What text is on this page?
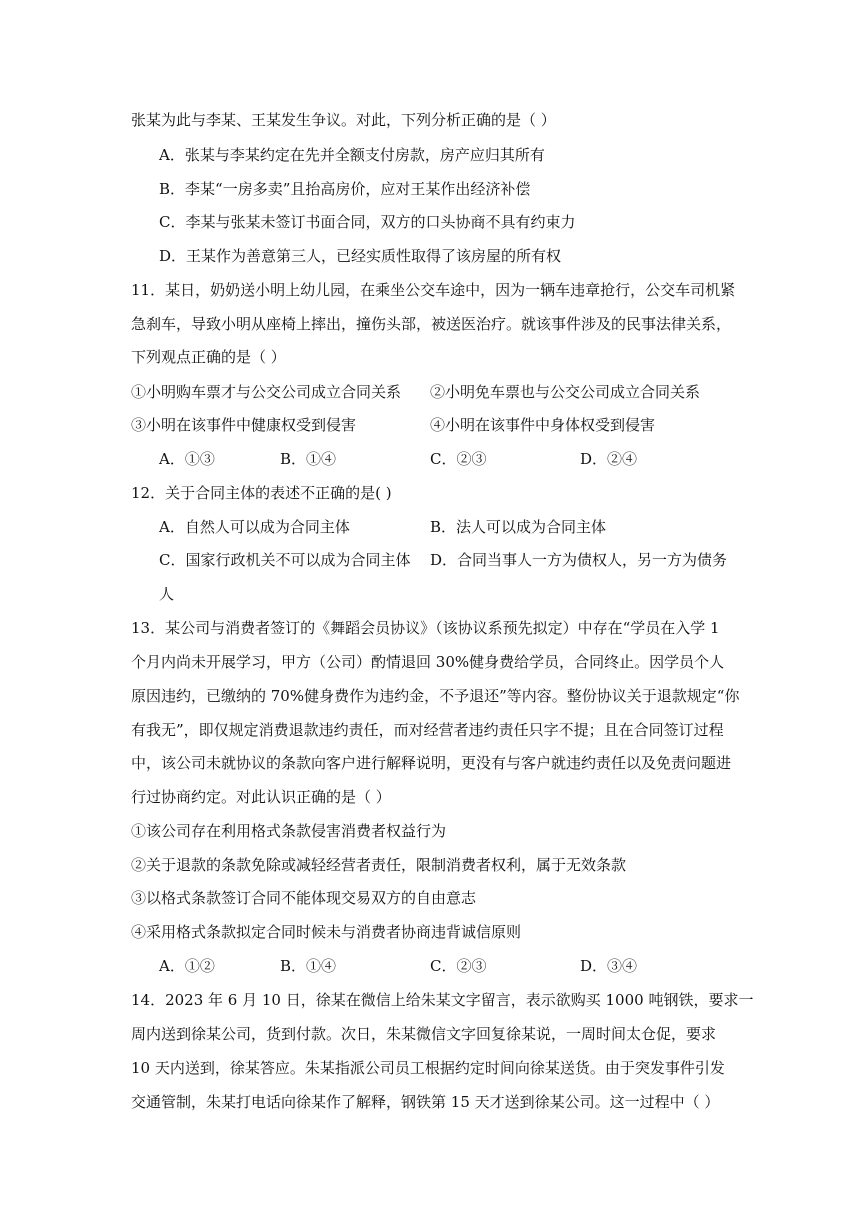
张某为此与李某、王某发生争议。对此，下列分析正确的是（ ）
A．张某与李某约定在先并全额支付房款，房产应归其所有
B．李某“一房多卖”且抬高房价，应对王某作出经济补偿
C．李某与张某未签订书面合同，双方的口头协商不具有约束力
D．王某作为善意第三人，已经实质性取得了该房屋的所有权
11．某日，奶奶送小明上幼儿园，在乘坐公交车途中，因为一辆车违章抢行，公交车司机紧
急刹车，导致小明从座椅上摔出，撞伤头部，被送医治疗。就该事件涉及的民事法律关系，
下列观点正确的是（ ）
①小明购车票才与公交公司成立合同关系 ②小明免车票也与公交公司成立合同关系
③小明在该事件中健康权受到侵害	④小明在该事件中身体权受到侵害
A．①③	B．①④	C．②③	D．②④
12．关于合同主体的表述不正确的是( )
A．自然人可以成为合同主体	B．法人可以成为合同主体
C．国家行政机关不可以成为合同主体 D．合同当事人一方为债权人，另一方为债务
人
13．某公司与消费者签订的《舞蹈会员协议》（该协议系预先拟定）中存在“学员在入学 1
个月内尚未开展学习，甲方（公司）酌情退回 30%健身费给学员，合同终止。因学员个人
原因违约，已缴纳的 70%健身费作为违约金，不予退还”等内容。整份协议关于退款规定“你
有我无”，即仅规定消费退款违约责任，而对经营者违约责任只字不提；且在合同签订过程
中，该公司未就协议的条款向客户进行解释说明，更没有与客户就违约责任以及免责问题进
行过协商约定。对此认识正确的是（ ）
①该公司存在利用格式条款侵害消费者权益行为
②关于退款的条款免除或减轻经营者责任，限制消费者权利，属于无效条款
③以格式条款签订合同不能体现交易双方的自由意志
④采用格式条款拟定合同时候未与消费者协商违背诚信原则
A．①②	B．①④	C．②③	D．③④
14．2023 年 6 月 10 日，徐某在微信上给朱某文字留言，表示欲购买 1000 吨钢铁，要求一
周内送到徐某公司，货到付款。次日，朱某微信文字回复徐某说，一周时间太仓促，要求
10 天内送到，徐某答应。朱某指派公司员工根据约定时间向徐某送货。由于突发事件引发
交通管制，朱某打电话向徐某作了解释，钢铁第 15 天才送到徐某公司。这一过程中（ ）
